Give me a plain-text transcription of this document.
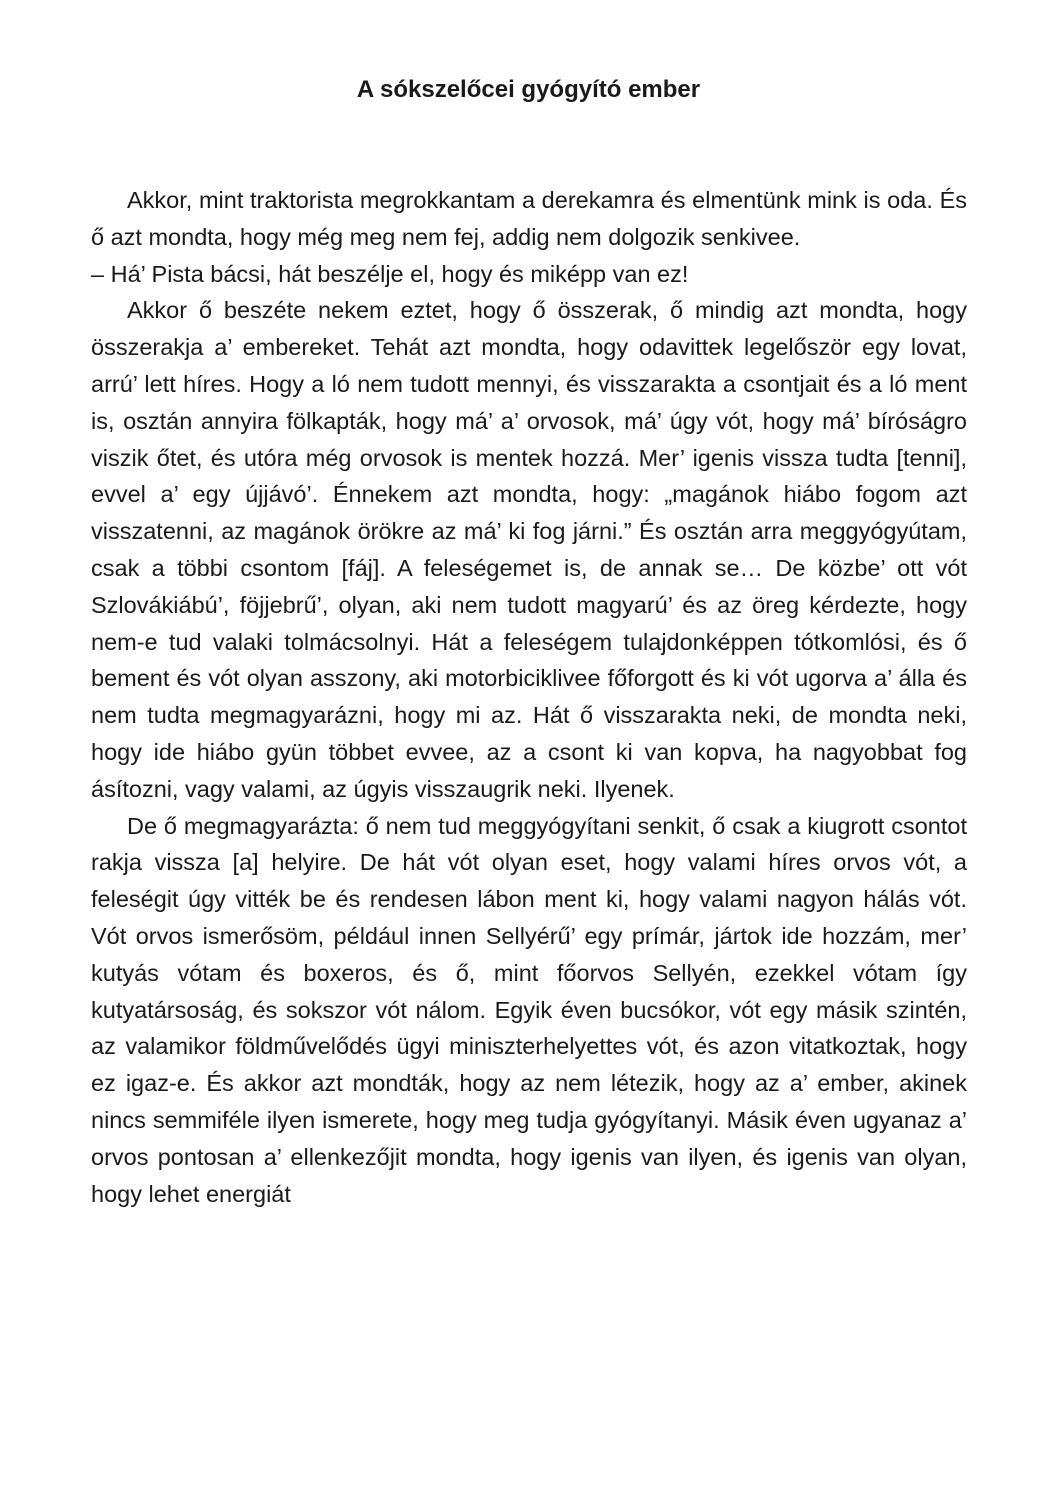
A sókszelőcei gyógyító ember

Akkor, mint traktorista megrokkantam a derekamra és elmentünk mink is oda. És ő azt mondta, hogy még meg nem fej, addig nem dolgozik senkivee.

– Há’ Pista bácsi, hát beszélje el, hogy és miképp van ez!

Akkor ő beszéte nekem eztet, hogy ő összerak, ő mindig azt mondta, hogy összerakja a’ embereket. Tehát azt mondta, hogy odavittek legelőször egy lovat, arrú’ lett híres. Hogy a ló nem tudott mennyi, és visszarakta a csontjait és a ló ment is, osztán annyira fölkapták, hogy má’ a’ orvosok, má’ úgy vót, hogy má’ bíróságro viszik őtet, és utóra még orvosok is mentek hozzá. Mer’ igenis vissza tudta [tenni], evvel a’ egy újjávó’. Énnekem azt mondta, hogy: „magánok hiábo fogom azt visszatenni, az magánok örökre az má’ ki fog járni.” És osztán arra meggyógyútam, csak a többi csontom [fáj]. A feleségemet is, de annak se… De közbe’ ott vót Szlovákiábú’, föjjebrű’, olyan, aki nem tudott magyarú’ és az öreg kérdezte, hogy nem-e tud valaki tolmácsolnyi. Hát a feleségem tulajdonképpen tótkomlósi, és ő bement és vót olyan asszony, aki motorbiciklivee főforgott és ki vót ugorva a’ álla és nem tudta megmagyarázni, hogy mi az. Hát ő visszarakta neki, de mondta neki, hogy ide hiábo gyün többet evvee, az a csont ki van kopva, ha nagyobbat fog ásítozni, vagy valami, az úgyis visszaugrik neki. Ilyenek.

De ő megmagyarázta: ő nem tud meggyógyítani senkit, ő csak a kiugrott csontot rakja vissza [a] helyire. De hát vót olyan eset, hogy valami híres orvos vót, a feleségit úgy vitték be és rendesen lábon ment ki, hogy valami nagyon hálás vót. Vót orvos ismerősöm, például innen Sellyérű’ egy prímár, jártok ide hozzám, mer’ kutyás vótam és boxeros, és ő, mint főorvos Sellyén, ezekkel vótam így kutyatársoság, és sokszor vót nálom. Egyik éven bucsókor, vót egy másik szintén, az valamikor földművelődés ügyi miniszterhelyettes vót, és azon vitatkoztak, hogy ez igaz-e. És akkor azt mondták, hogy az nem létezik, hogy az a’ ember, akinek nincs semmiféle ilyen ismerete, hogy meg tudja gyógyítanyi. Másik éven ugyanaz a’ orvos pontosan a’ ellenkezőjit mondta, hogy igenis van ilyen, és igenis van olyan, hogy lehet energiát
